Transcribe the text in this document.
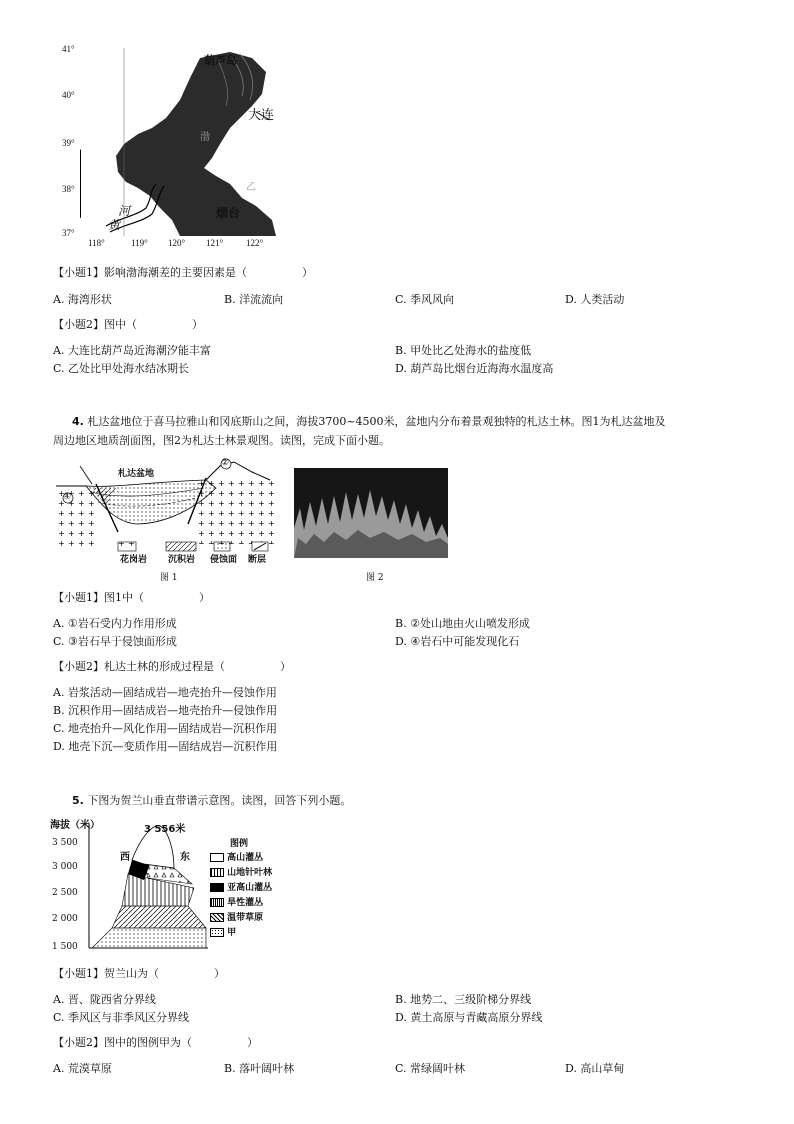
41°
40°
39°
38°
37°
葫芦岛
大连
渤
乙
河
黄
烟台
118°	119° 120° 121°	122°
【小题1】影响渤海潮差的主要因素是（　　　　　）
A. 海湾形状	B. 洋流流向	C. 季风风向	D. 人类活动
【小题2】图中（　　　　　）
A. 大连比葫芦岛近海潮汐能丰富	B. 甲处比乙处海水的盐度低
C. 乙处比甲处海水结冰期长	D. 葫芦岛比烟台近海海水温度高
4. 札达盆地位于喜马拉雅山和冈底斯山之间，海拔3700~4500米，盆地内分布着景观独特的札达土林。图1为札达盆地及
周边地区地质剖面图，图2为札达土林景观图。读图，完成下面小题。
札达盆地
②
④
花岗岩 沉积岩 侵蚀面 断层
图 1	图 2
【小题1】图1中（　　　　　）
A. ①岩石受内力作用形成	B. ②处山地由火山喷发形成
C. ③岩石早于侵蚀面形成	D. ④岩石中可能发现化石
【小题2】札达土林的形成过程是（　　　　　）
A. 岩浆活动—固结成岩—地壳抬升—侵蚀作用
B. 沉积作用—固结成岩—地壳抬升—侵蚀作用
C. 地壳抬升—风化作用—固结成岩—沉积作用
D. 地壳下沉—变质作用—固结成岩—沉积作用
5. 下图为贺兰山垂直带谱示意图。读图，回答下列小题。
海拔（米）
3 500
3 000
2 500
2 000
1 500
3 556米
西	东
图例
高山灌丛
山地针叶林
亚高山灌丛
旱性灌丛
温带草原
甲
【小题1】贺兰山为（　　　　　）
A. 晋、陇西省分界线	B. 地势二、三级阶梯分界线
C. 季风区与非季风区分界线	D. 黄土高原与青藏高原分界线
【小题2】图中的图例甲为（　　　　　）
A. 荒漠草原	B. 落叶阔叶林	C. 常绿阔叶林	D. 高山草甸
